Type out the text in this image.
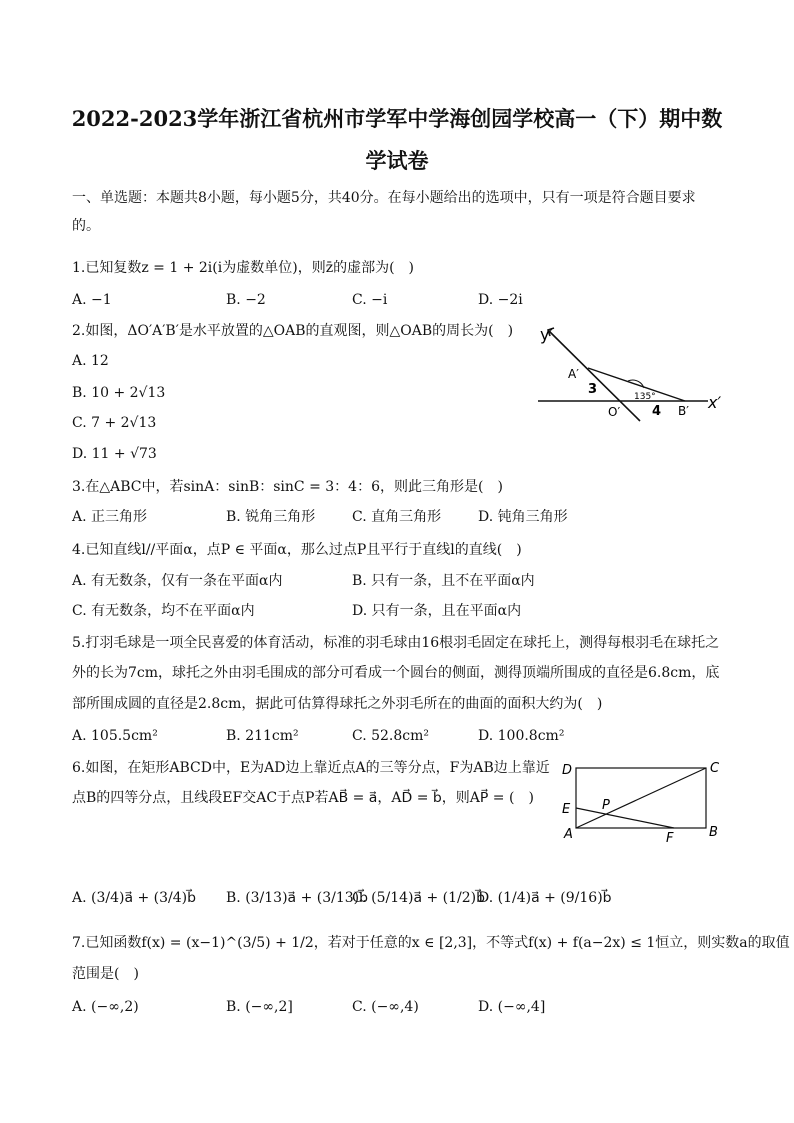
2022-2023学年浙江省杭州市学军中学海创园学校高一（下）期中数
学试卷
一、单选题：本题共8小题，每小题5分，共40分。在每小题给出的选项中，只有一项是符合题目要求
的。
1.已知复数z = 1 + 2i(i为虚数单位)，则z̄的虚部为(　)
A. −1	B. −2	C. −i	D. −2i
2.如图，ΔO′A′B′是水平放置的△OAB的直观图，则△OAB的周长为(　)
A. 12
B. 10 + 2√13
C. 7 + 2√13
D. 11 + √73
y′
A′
3	135°
O′ 4 B′ x′
3.在△ABC中，若sinA：sinB：sinC = 3：4：6，则此三角形是(　)
A. 正三角形	B. 锐角三角形	C. 直角三角形	D. 钝角三角形
4.已知直线l//平面α，点P ∈ 平面α，那么过点P且平行于直线l的直线(　)
A. 有无数条，仅有一条在平面α内	B. 只有一条，且不在平面α内
C. 有无数条，均不在平面α内	D. 只有一条，且在平面α内
5.打羽毛球是一项全民喜爱的体育活动，标准的羽毛球由16根羽毛固定在球托上，测得每根羽毛在球托之
外的长为7cm，球托之外由羽毛围成的部分可看成一个圆台的侧面，测得顶端所围成的直径是6.8cm，底
部所围成圆的直径是2.8cm，据此可估算得球托之外羽毛所在的曲面的面积大约为(　)
A. 105.5cm²	B. 211cm²	C. 52.8cm²	D. 100.8cm²
6.如图，在矩形ABCD中，E为AD边上靠近点A的三等分点，F为AB边上靠近
点B的四等分点，且线段EF交AC于点P若AB⃗ = a⃗，AD⃗ = b⃗，则AP⃗ = (　)
D	C
E P
A	F	B
A. (3/4)a⃗ + (3/4)b⃗ B. (3/13)a⃗ + (3/13)b⃗
C. (5/14)a⃗ + (1/2)b⃗
D. (1/4)a⃗ + (9/16)b⃗
7.已知函数f(x) = (x−1)^(3/5) + 1/2，若对于任意的x ∈ [2,3]，不等式f(x) + f(a−2x) ≤ 1恒立，则实数a的取值
范围是(　)
A. (−∞,2)	B. (−∞,2]	C. (−∞,4)	D. (−∞,4]
